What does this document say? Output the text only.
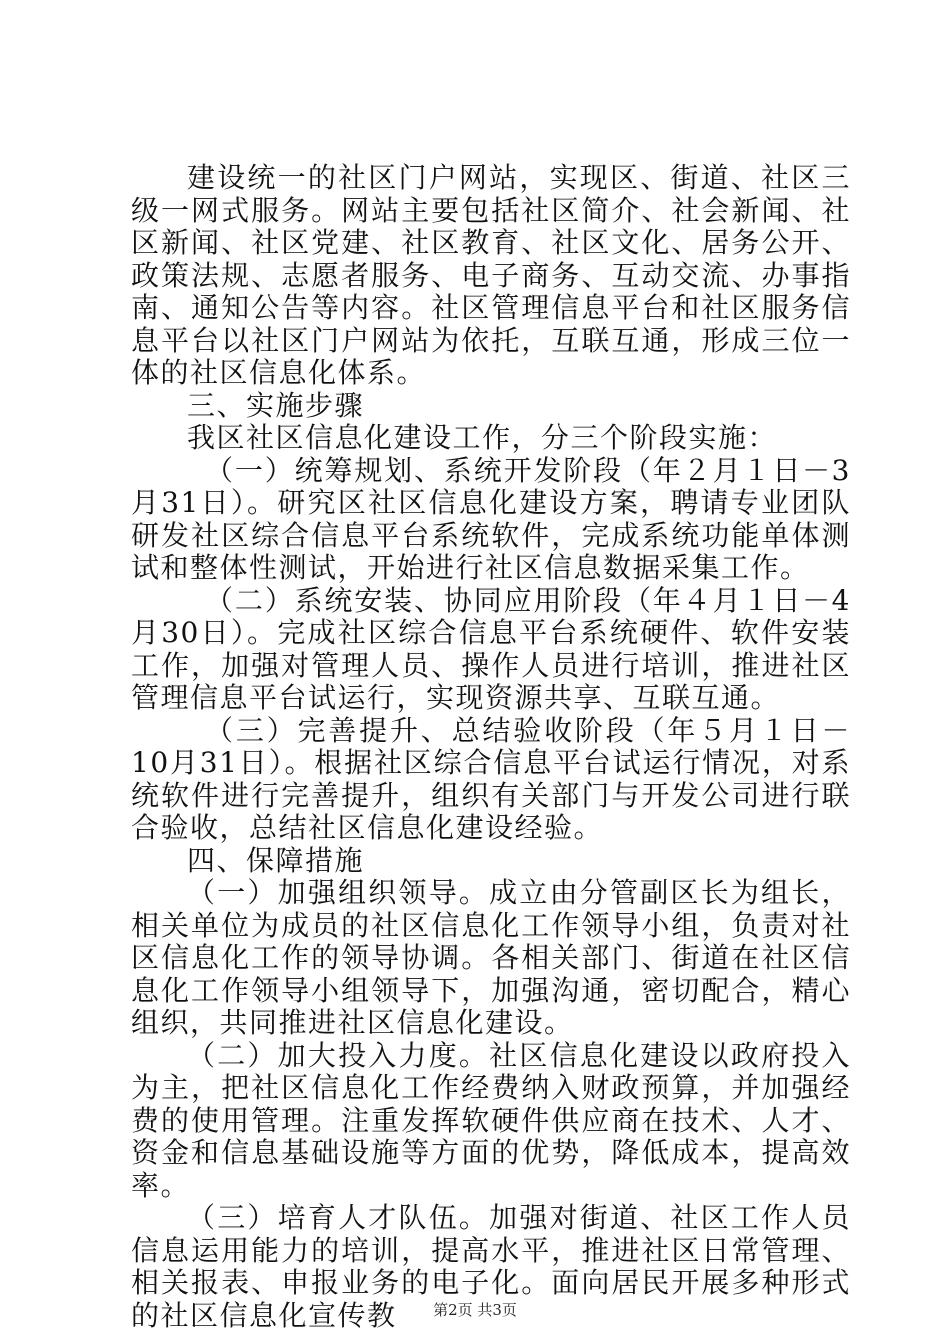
建设统一的社区门户网站，实现区、街道、社区三级一网式服务。网站主要包括社区简介、社会新闻、社区新闻、社区党建、社区教育、社区文化、居务公开、政策法规、志愿者服务、电子商务、互动交流、办事指南、通知公告等内容。社区管理信息平台和社区服务信息平台以社区门户网站为依托，互联互通，形成三位一体的社区信息化体系。

三、实施步骤

我区社区信息化建设工作，分三个阶段实施：

（一）统筹规划、系统开发阶段（年２月１日－3月31日）。研究区社区信息化建设方案，聘请专业团队研发社区综合信息平台系统软件，完成系统功能单体测试和整体性测试，开始进行社区信息数据采集工作。

（二）系统安装、协同应用阶段（年４月１日－4月30日）。完成社区综合信息平台系统硬件、软件安装工作，加强对管理人员、操作人员进行培训，推进社区管理信息平台试运行，实现资源共享、互联互通。

（三）完善提升、总结验收阶段（年５月１日－10月31日）。根据社区综合信息平台试运行情况，对系统软件进行完善提升，组织有关部门与开发公司进行联合验收，总结社区信息化建设经验。

四、保障措施

（一）加强组织领导。成立由分管副区长为组长，相关单位为成员的社区信息化工作领导小组，负责对社区信息化工作的领导协调。各相关部门、街道在社区信息化工作领导小组领导下，加强沟通，密切配合，精心组织，共同推进社区信息化建设。

（二）加大投入力度。社区信息化建设以政府投入为主，把社区信息化工作经费纳入财政预算，并加强经费的使用管理。注重发挥软硬件供应商在技术、人才、资金和信息基础设施等方面的优势，降低成本，提高效率。

（三）培育人才队伍。加强对街道、社区工作人员信息运用能力的培训，提高水平，推进社区日常管理、相关报表、申报业务的电子化。面向居民开展多种形式的社区信息化宣传教	第2页 共3页
